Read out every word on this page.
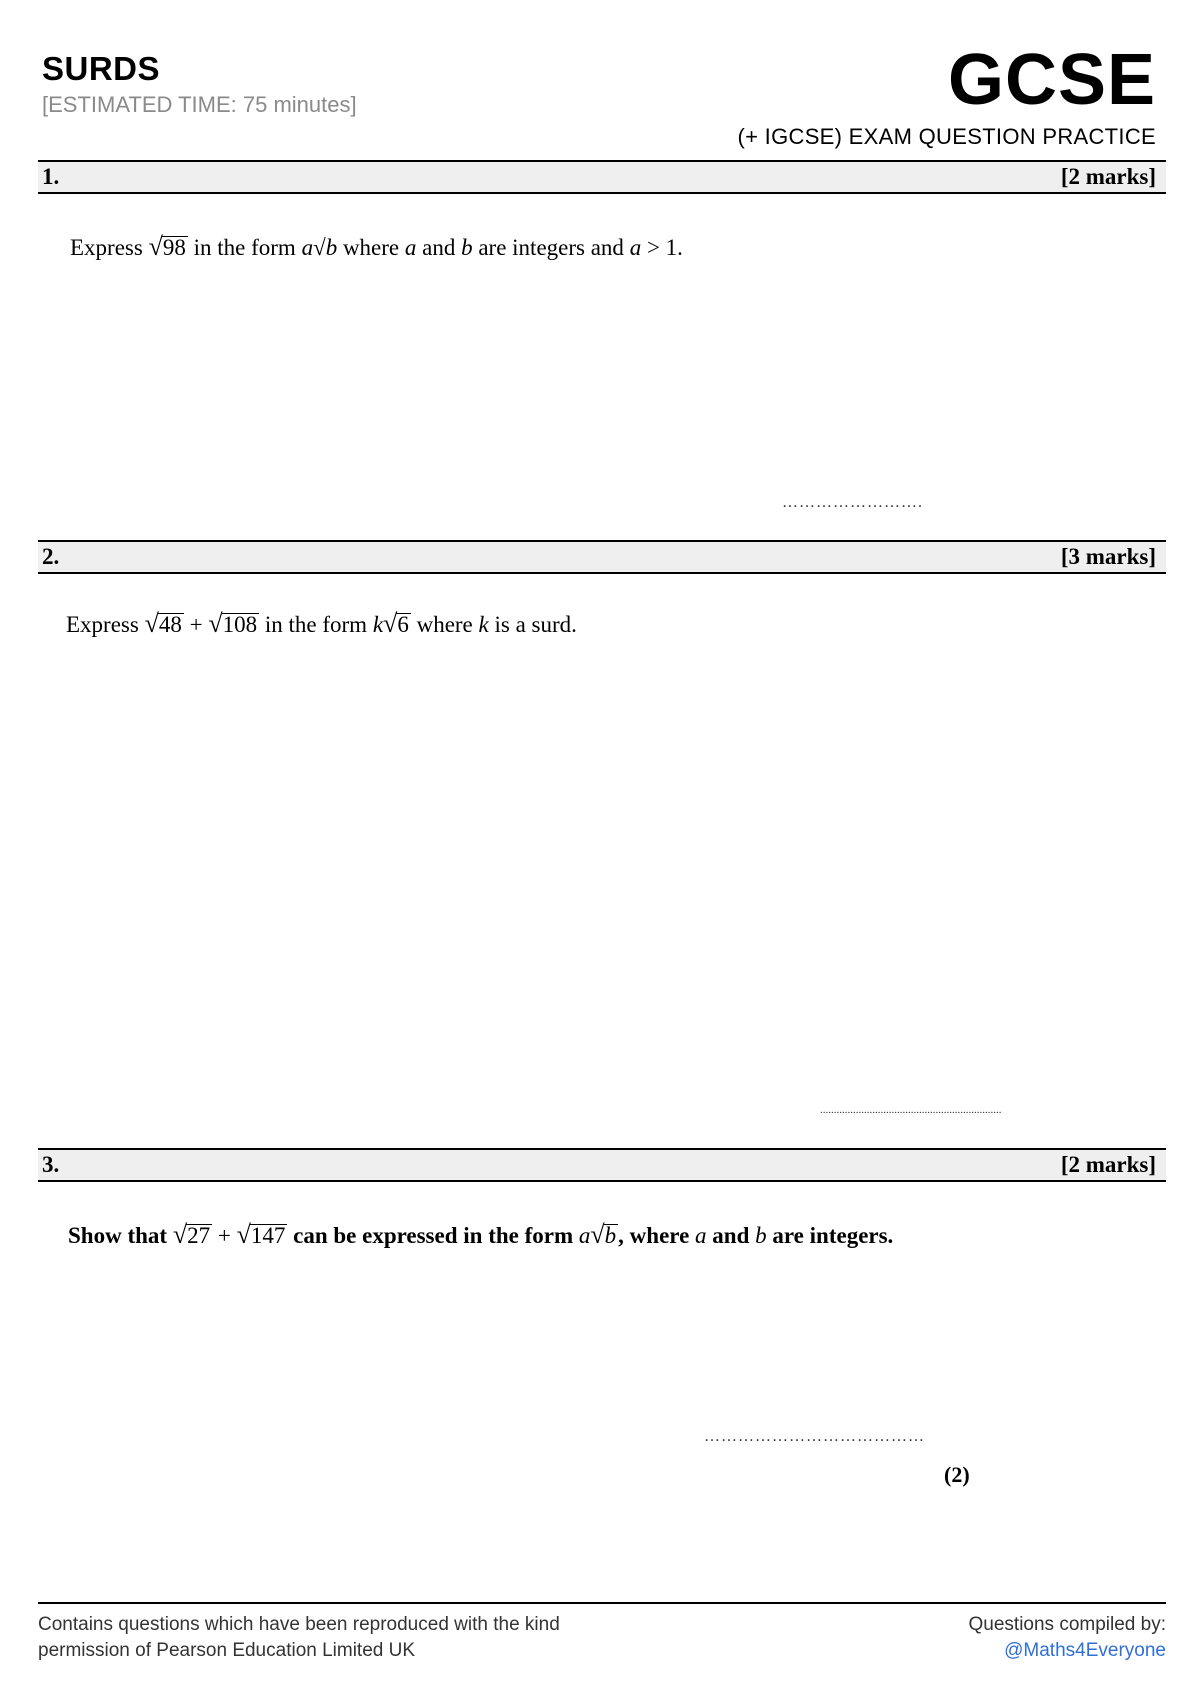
SURDS
[ESTIMATED TIME: 75 minutes]	GCSE
(+ IGCSE) EXAM QUESTION PRACTICE
1.	[2 marks]
Express √98 in the form a√b where a and b are integers and a > 1.
…………………….
2.	[3 marks]
Express √48 + √108 in the form k√6 where k is a surd.
..................................................................
3.	[2 marks]
Show that √27 + √147 can be expressed in the form a√b, where a and b are integers.
…………………………………
(2)
Contains questions which have been reproduced with the kind
permission of Pearson Education Limited UK
Questions compiled by:
@Maths4Everyone
